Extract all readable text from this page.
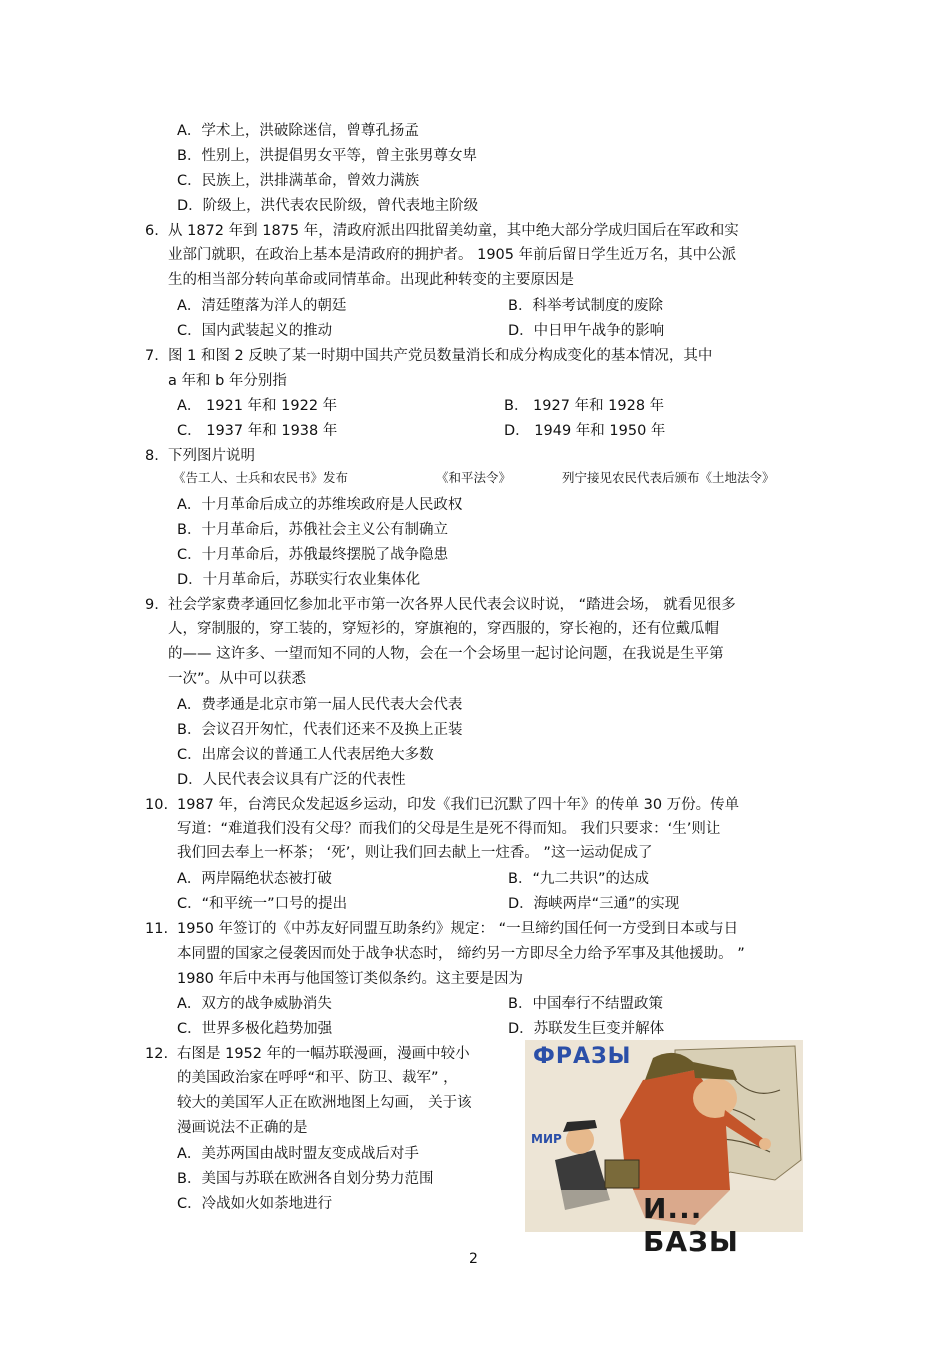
A．学术上，洪破除迷信，曾尊孔扬孟
B．性别上，洪提倡男女平等，曾主张男尊女卑
C．民族上，洪排满革命，曾效力满族
D．阶级上，洪代表农民阶级，曾代表地主阶级
6. 从 1872 年到 1875 年，清政府派出四批留美幼童，其中绝大部分学成归国后在军政和实
业部门就职，在政治上基本是清政府的拥护者。 1905 年前后留日学生近万名，其中公派
生的相当部分转向革命或同情革命。出现此种转变的主要原因是
A．清廷堕落为洋人的朝廷	B．科举考试制度的废除
C．国内武装起义的推动	D．中日甲午战争的影响
7. 图 1 和图 2 反映了某一时期中国共产党员数量消长和成分构成变化的基本情况，其中
a 年和 b 年分别指
A． 1921 年和 1922 年	B． 1927 年和 1928 年
C． 1937 年和 1938 年	D． 1949 年和 1950 年
8. 下列图片说明
《告工人、士兵和农民书》发布	《和平法令》	列宁接见农民代表后颁布《土地法令》
A．十月革命后成立的苏维埃政府是人民政权
B．十月革命后，苏俄社会主义公有制确立
C．十月革命后，苏俄最终摆脱了战争隐患
D．十月革命后，苏联实行农业集体化
9. 社会学家费孝通回忆参加北平市第一次各界人民代表会议时说， “踏进会场， 就看见很多
人，穿制服的，穿工装的，穿短衫的，穿旗袍的，穿西服的，穿长袍的，还有位戴瓜帽
的—— 这许多、一望而知不同的人物，会在一个会场里一起讨论问题，在我说是生平第
一次”。从中可以获悉
A．费孝通是北京市第一届人民代表大会代表
B．会议召开匆忙，代表们还来不及换上正装
C．出席会议的普通工人代表居绝大多数
D．人民代表会议具有广泛的代表性
10. 1987 年，台湾民众发起返乡运动，印发《我们已沉默了四十年》的传单 30 万份。传单
写道：“难道我们没有父母？而我们的父母是生是死不得而知。 我们只要求：‘生’则让
我们回去奉上一杯茶； ‘死’，则让我们回去献上一炷香。 ”这一运动促成了
A．两岸隔绝状态被打破	B．“九二共识”的达成
C．“和平统一”口号的提出	D．海峡两岸“三通”的实现
11. 1950 年签订的《中苏友好同盟互助条约》规定： “一旦缔约国任何一方受到日本或与日
本同盟的国家之侵袭因而处于战争状态时， 缔约另一方即尽全力给予军事及其他援助。 ”
1980 年后中未再与他国签订类似条约。这主要是因为
A．双方的战争威胁消失	B．中国奉行不结盟政策
C．世界多极化趋势加强	D．苏联发生巨变并解体
12. 右图是 1952 年的一幅苏联漫画，漫画中较小
的美国政治家在呼呼“和平、防卫、裁军” ，
较大的美国军人正在欧洲地图上勾画， 关于该
漫画说法不正确的是
A．美苏两国由战时盟友变成战后对手
B．美国与苏联在欧洲各自划分势力范围
C．冷战如火如荼地进行
ФРАЗЫ
МИР
И... БАЗЫ
2
